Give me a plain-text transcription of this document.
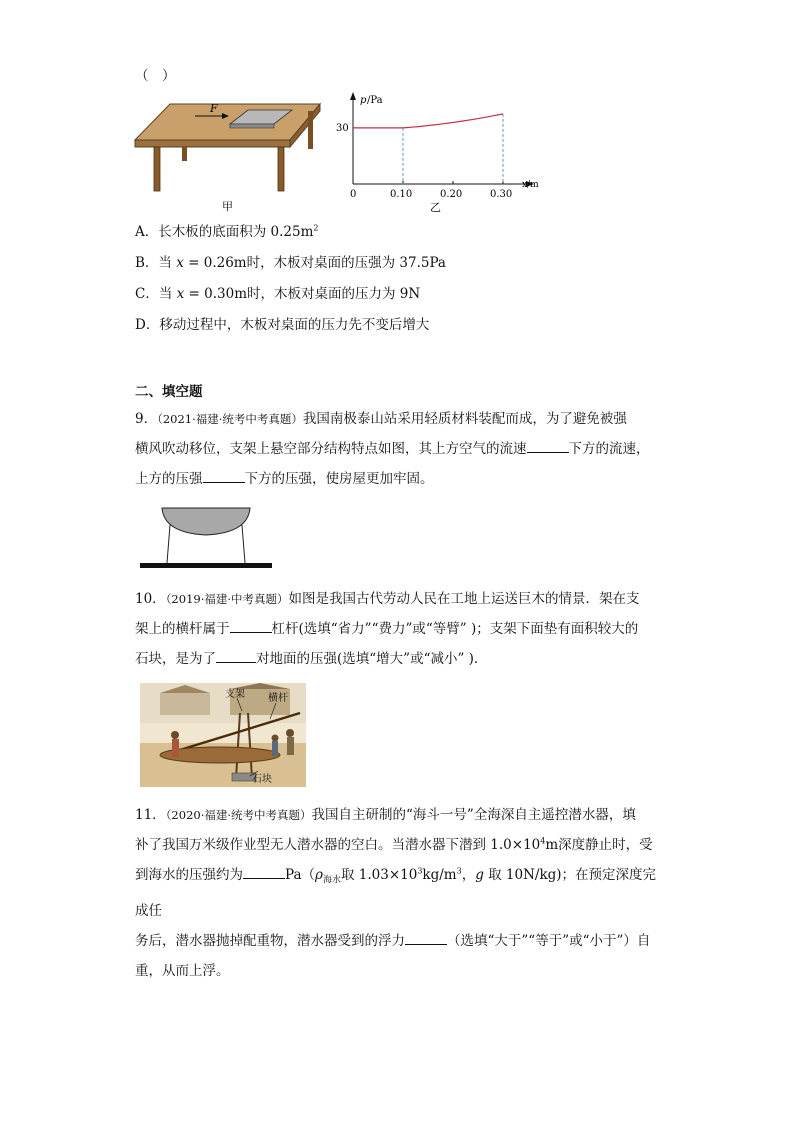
（　）
F
甲
p /Pa
30
x/m
0	0.10	0.20	0.30
乙
A．长木板的底面积为 $0.25m^2$
B．当 x = 0.26m时，木板对桌面的压强为 37.5Pa
C．当 x = 0.30m时，木板对桌面的压力为 9N
D．移动过程中，木板对桌面的压力先不变后增大
二、填空题
9．（2021·福建·统考中考真题）我国南极泰山站采用轻质材料装配而成，为了避免被强
横风吹动移位，支架上悬空部分结构特点如图，其上方空气的流速	下方的流速，
上方的压强	下方的压强，使房屋更加牢固。
10．（2019·福建·中考真题）如图是我国古代劳动人民在工地上运送巨木的情景．架在支
架上的横杆属于	杠杆(选填“省力”“费力”或“等臂” )；支架下面垫有面积较大的
石块，是为了	对地面的压强(选填“增大”或“减小” )．
支架 横杆
石块
11．（2020·福建·统考中考真题）我国自主研制的“海斗一号”全海深自主遥控潜水器，填
补了我国万米级作业型无人潜水器的空白。当潜水器下潜到 $1.0\times 10^4m$深度静止时，受
到海水的压强约为	$Pa(\rho_{海水}$取 $1.03\times 10^3kg/m^3$，g 取 10N/kg)；在预定深度完成任
务后，潜水器抛掉配重物，潜水器受到的浮力	（选填“大于”“等于”或“小于”）自
重，从而上浮。
